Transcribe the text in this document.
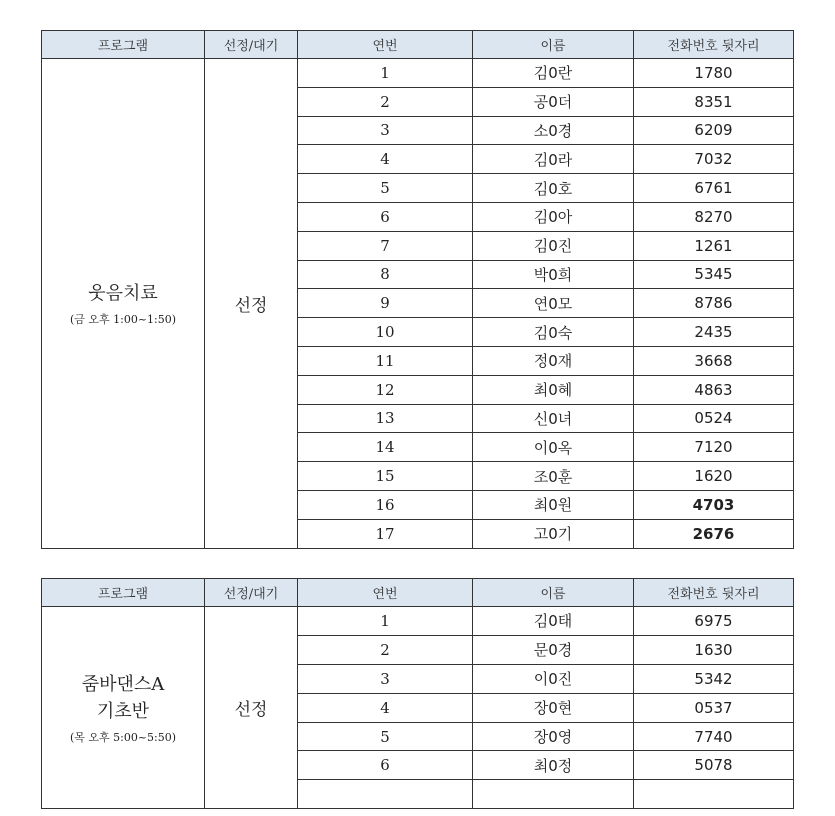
프로그램	선정/대기	연번	이름	전화번호 뒷자리

웃음치료
(금 오후 1:00~1:50)	선정	1	김0란	1780
		2	공0더	8351
		3	소0경	6209
		4	김0라	7032
		5	김0호	6761
		6	김0아	8270
		7	김0진	1261
		8	박0희	5345
		9	연0모	8786
		10	김0숙	2435
		11	정0재	3668
		12	최0혜	4863
		13	신0녀	0524
		14	이0옥	7120
		15	조0훈	1620
		16	최0원	4703
		17	고0기	2676
프로그램	선정/대기	연번	이름	전화번호 뒷자리

줌바댄스A
기초반
(목 오후 5:00~5:50)	선정	1	김0태	6975
		2	문0경	1630
		3	이0진	5342
		4	장0현	0537
		5	장0영	7740
		6	최0정	5078
